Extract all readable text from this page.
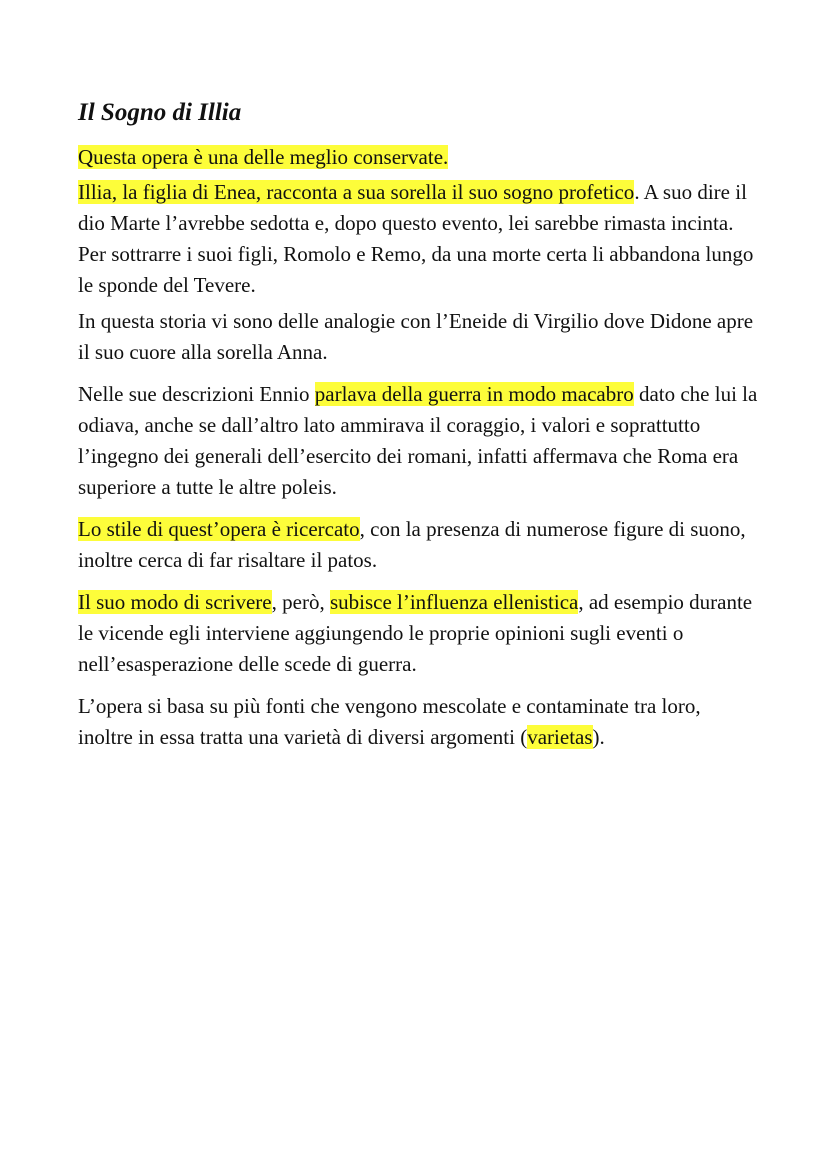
Il Sogno di Illia
Questa opera è una delle meglio conservate.
Illia, la figlia di Enea, racconta a sua sorella il suo sogno profetico. A suo dire il dio Marte l’avrebbe sedotta e, dopo questo evento, lei sarebbe rimasta incinta.
Per sottrarre i suoi figli, Romolo e Remo, da una morte certa li abbandona lungo le sponde del Tevere.
In questa storia vi sono delle analogie con l’Eneide di Virgilio dove Didone apre il suo cuore alla sorella Anna.
Nelle sue descrizioni Ennio parlava della guerra in modo macabro dato che lui la odiava, anche se dall’altro lato ammirava il coraggio, i valori e soprattutto l’ingegno dei generali dell’esercito dei romani, infatti affermava che Roma era superiore a tutte le altre poleis.
Lo stile di quest’opera è ricercato, con la presenza di numerose figure di suono, inoltre cerca di far risaltare il patos.
Il suo modo di scrivere, però, subisce l’influenza ellenistica, ad esempio durante le vicende egli interviene aggiungendo le proprie opinioni sugli eventi o nell’esasperazione delle scede di guerra.
L’opera si basa su più fonti che vengono mescolate e contaminate tra loro, inoltre in essa tratta una varietà di diversi argomenti (varietas).
